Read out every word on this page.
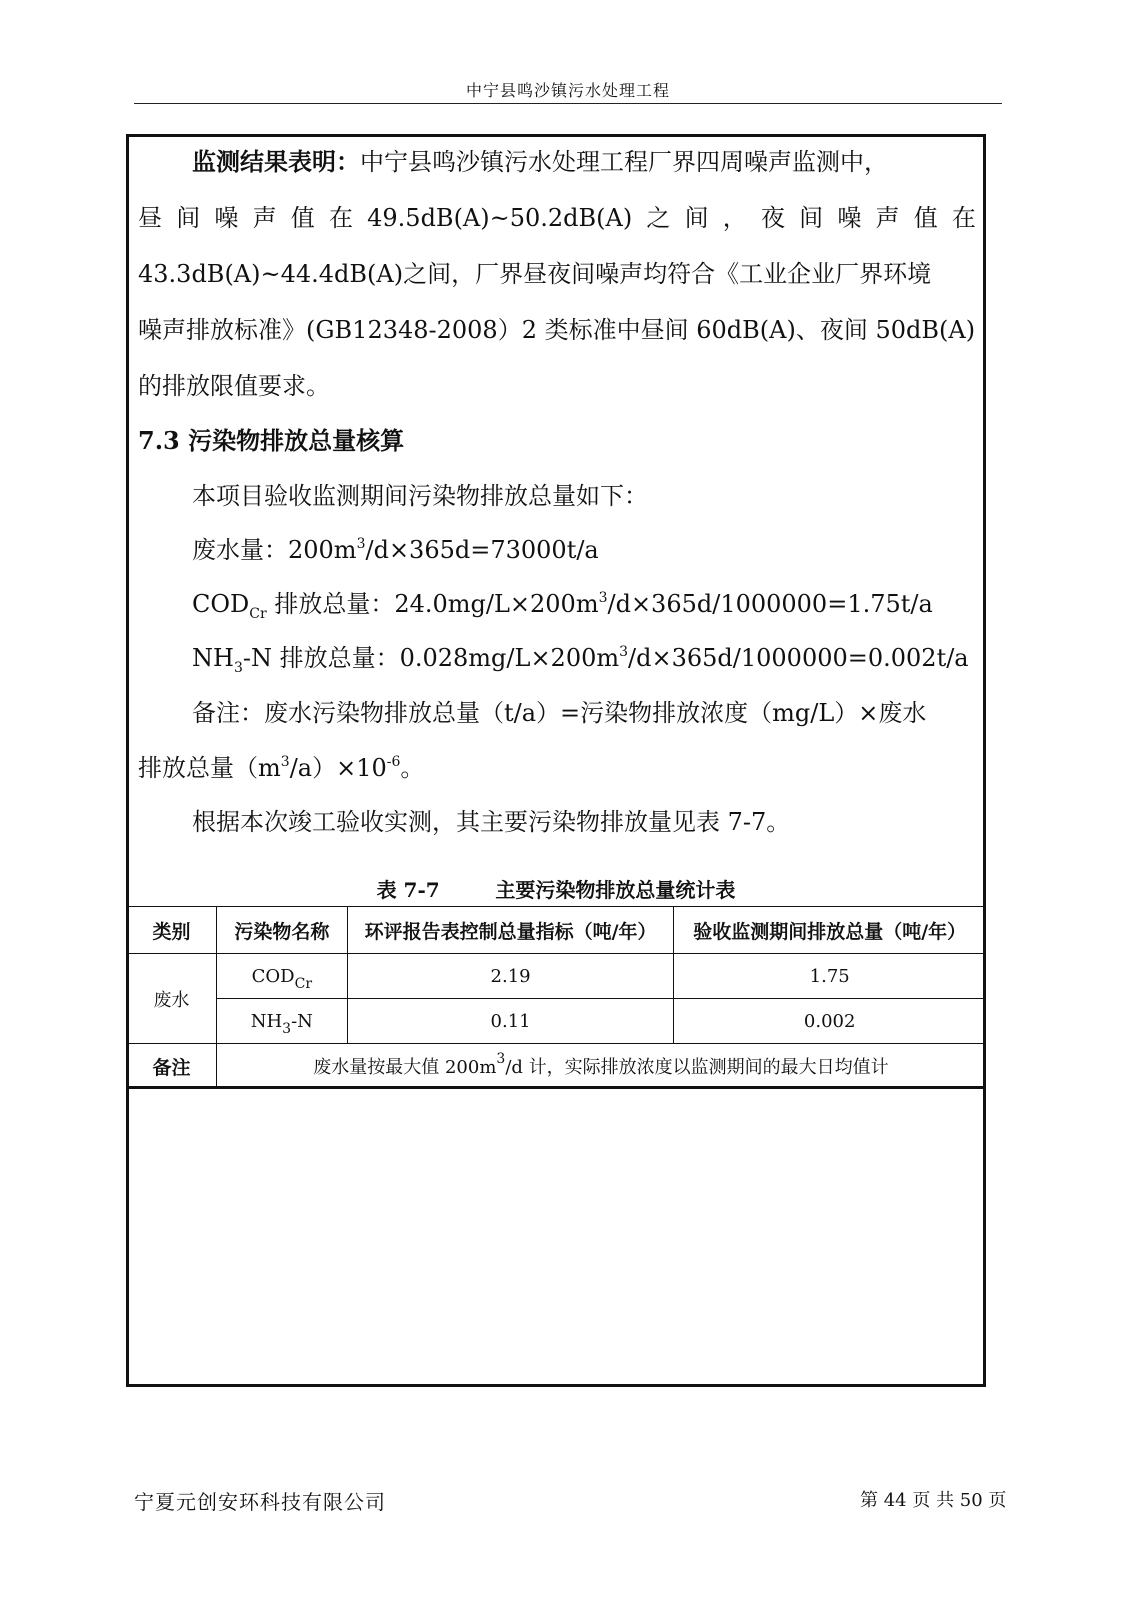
中宁县鸣沙镇污水处理工程
监测结果表明：中宁县鸣沙镇污水处理工程厂界四周噪声监测中，
昼 间 噪 声 值 在 49.5dB(A)~50.2dB(A) 之 间 ， 夜 间 噪 声 值 在
43.3dB(A)~44.4dB(A)之间，厂界昼夜间噪声均符合《工业企业厂界环境
噪声排放标准》(GB12348-2008）2 类标准中昼间 60dB(A)、夜间 50dB(A)
的排放限值要求。
7.3 污染物排放总量核算
本项目验收监测期间污染物排放总量如下：
废水量：$200m^3/d\times 365d=73000t/a$
$COD_{Cr}$ 排放总量：$24.0mg/L\times 200m^3/d\times 365d/1000000=1.75t/a$
$NH_3-N$ 排放总量：$0.028mg/L\times 200m^3/d\times 365d/1000000=0.002t/a$
备注：废水污染物排放总量（t/a）=污染物排放浓度（mg/L）×废水
排放总量$(m^3/a)\times 10^{-6}$。
根据本次竣工验收实测，其主要污染物排放量见表 7-7。
表 7-7        主要污染物排放总量统计表
类别	污染物名称	环评报告表控制总量指标（吨/年）	验收监测期间排放总量（吨/年）
废水	$COD_{Cr}$	2.19	1.75
	$NH_3-N$	0.11	0.002
备注	废水量按最大值 $200m^3/d$ 计，实际排放浓度以监测期间的最大日均值计		
宁夏元创安环科技有限公司	第 44 页 共 50 页
